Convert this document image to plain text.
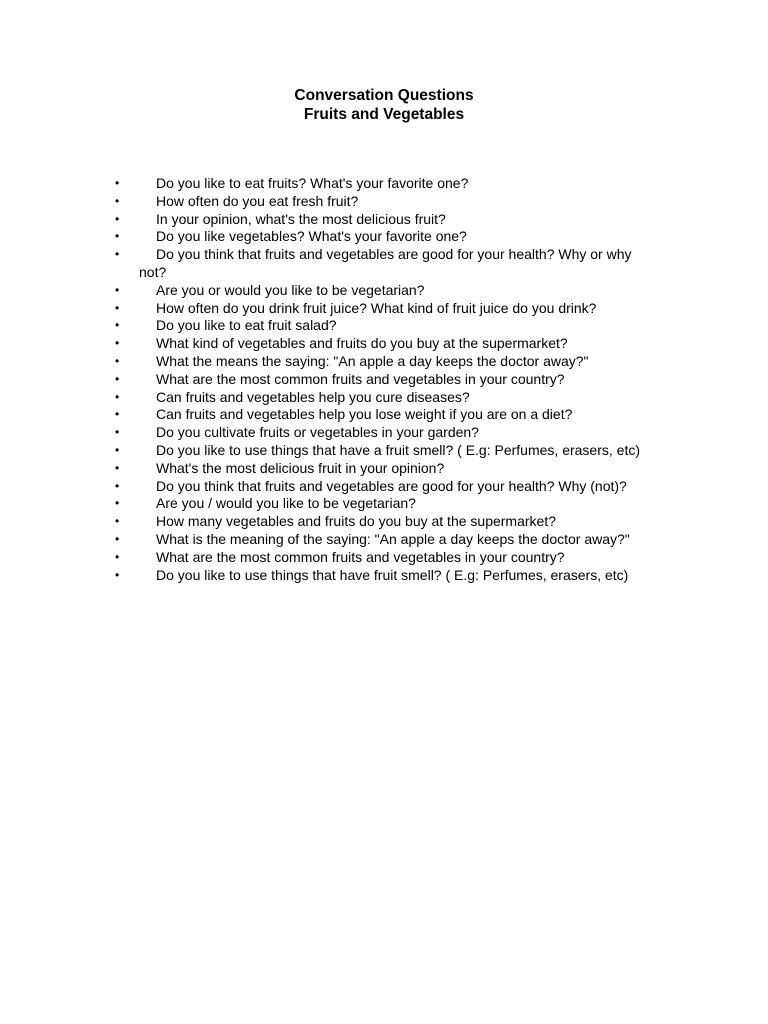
Conversation Questions
Fruits and Vegetables
•	Do you like to eat fruits? What's your favorite one?
•	How often do you eat fresh fruit?
•	In your opinion, what's the most delicious fruit?
•	Do you like vegetables? What's your favorite one?
•	Do you think that fruits and vegetables are good for your health? Why or why not?
•	Are you or would you like to be vegetarian?
•	How often do you drink fruit juice? What kind of fruit juice do you drink?
•	Do you like to eat fruit salad?
•	What kind of vegetables and fruits do you buy at the supermarket?
•	What the means the saying: "An apple a day keeps the doctor away?"
•	What are the most common fruits and vegetables in your country?
•	Can fruits and vegetables help you cure diseases?
•	Can fruits and vegetables help you lose weight if you are on a diet?
•	Do you cultivate fruits or vegetables in your garden?
•	Do you like to use things that have a fruit smell? ( E.g: Perfumes, erasers, etc)
•	What's the most delicious fruit in your opinion?
•	Do you think that fruits and vegetables are good for your health? Why (not)?
•	Are you / would you like to be vegetarian?
•	How many vegetables and fruits do you buy at the supermarket?
•	What is the meaning of the saying: "An apple a day keeps the doctor away?"
•	What are the most common fruits and vegetables in your country?
•	Do you like to use things that have fruit smell? ( E.g: Perfumes, erasers, etc)
